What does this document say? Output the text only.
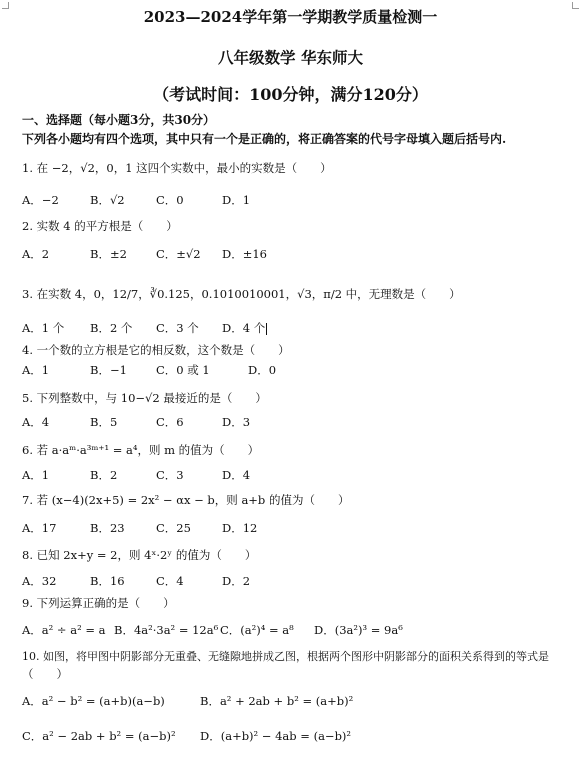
2023—2024学年第一学期教学质量检测一
八年级数学 华东师大
（考试时间：100分钟，满分120分）
一、选择题（每小题3分，共30分）
下列各小题均有四个选项，其中只有一个是正确的，将正确答案的代号字母填入题后括号内.
1. 在 −2，√2，0，1 这四个实数中，最小的实数是（　　）
A．−2	B．√2	C．0	D．1
2. 实数 4 的平方根是（　　）
A．2	B．±2	C．±√2 D．±16
3. 在实数 4，0，12/7，∛0.125，0.1010010001，√3，π/2 中，无理数是（　　）
A．1 个 B．2 个 C．3 个 D．4 个
4. 一个数的立方根是它的相反数，这个数是（　　）
A．1	B．−1	C．0 或 1	D．0
5. 下列整数中，与 10−√2 最接近的是（　　）
A．4	B．5	C．6	D．3
6. 若 a·aᵐ·a³ᵐ⁺¹ = a⁴，则 m 的值为（　　）
A．1	B．2	C．3	D．4
7. 若 (x−4)(2x+5) = 2x² − αx − b，则 a+b 的值为（　　）
A．17	B．23	C．25	D．12
8. 已知 2x+y = 2，则 4ˣ·2ʸ 的值为（　　）
A．32	B．16	C．4	D．2
9. 下列运算正确的是（　　）
A．a² ÷ a² = a B．4a²·3a² = 12a⁶ C．(a²)⁴ = a⁸ D．(3a²)³ = 9a⁶
10. 如图，将甲图中阴影部分无重叠、无缝隙地拼成乙图，根据两个图形中阴影部分的面积关系得到的等式是
（　　）
A．a² − b² = (a+b)(a−b)	B．a² + 2ab + b² = (a+b)²
C．a² − 2ab + b² = (a−b)² D．(a+b)² − 4ab = (a−b)²
